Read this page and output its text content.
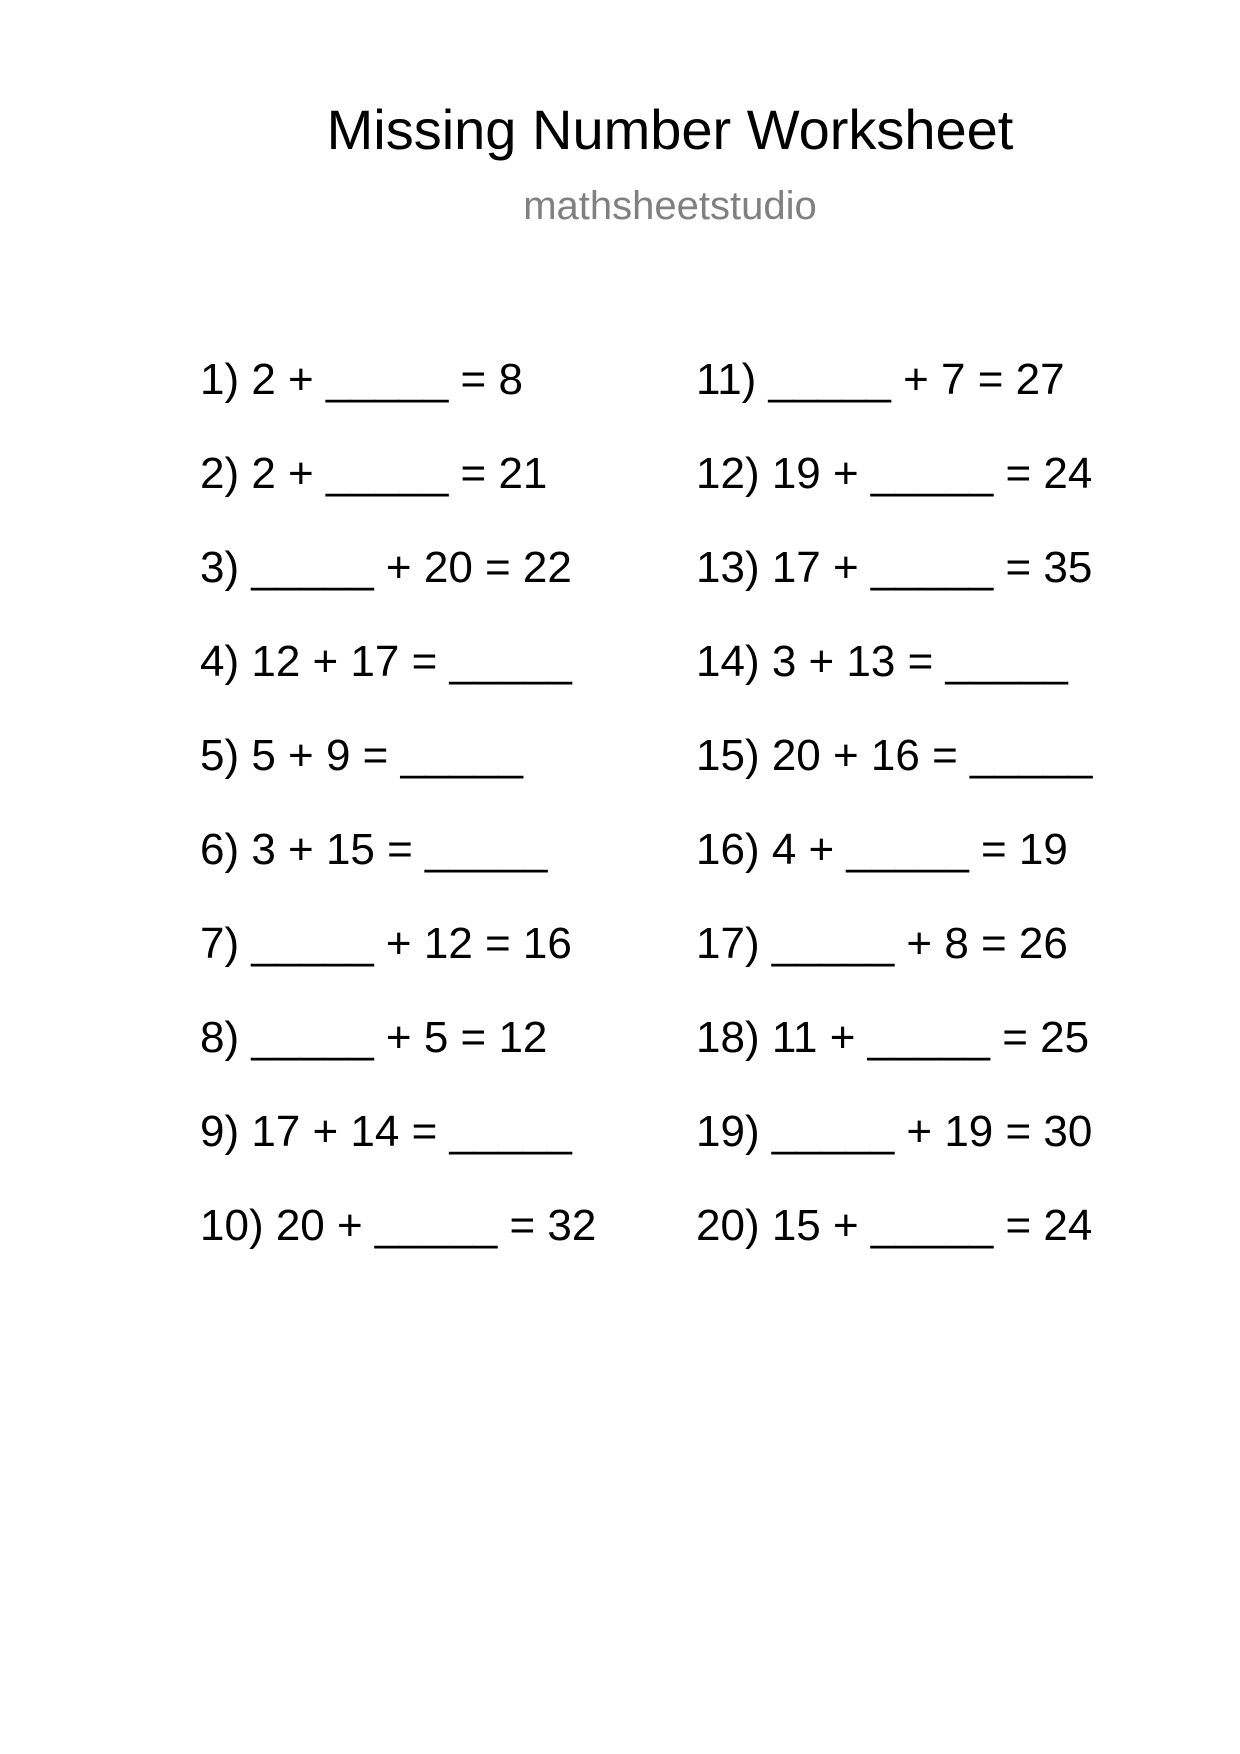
Missing Number Worksheet
mathsheetstudio
1) 2 + _____ = 8
2) 2 + _____ = 21
3) _____ + 20 = 22
4) 12 + 17 = _____
5) 5 + 9 = _____
6) 3 + 15 = _____
7) _____ + 12 = 16
8) _____ + 5 = 12
9) 17 + 14 = _____
10) 20 + _____ = 32
11) _____ + 7 = 27
12) 19 + _____ = 24
13) 17 + _____ = 35
14) 3 + 13 = _____
15) 20 + 16 = _____
16) 4 + _____ = 19
17) _____ + 8 = 26
18) 11 + _____ = 25
19) _____ + 19 = 30
20) 15 + _____ = 24
